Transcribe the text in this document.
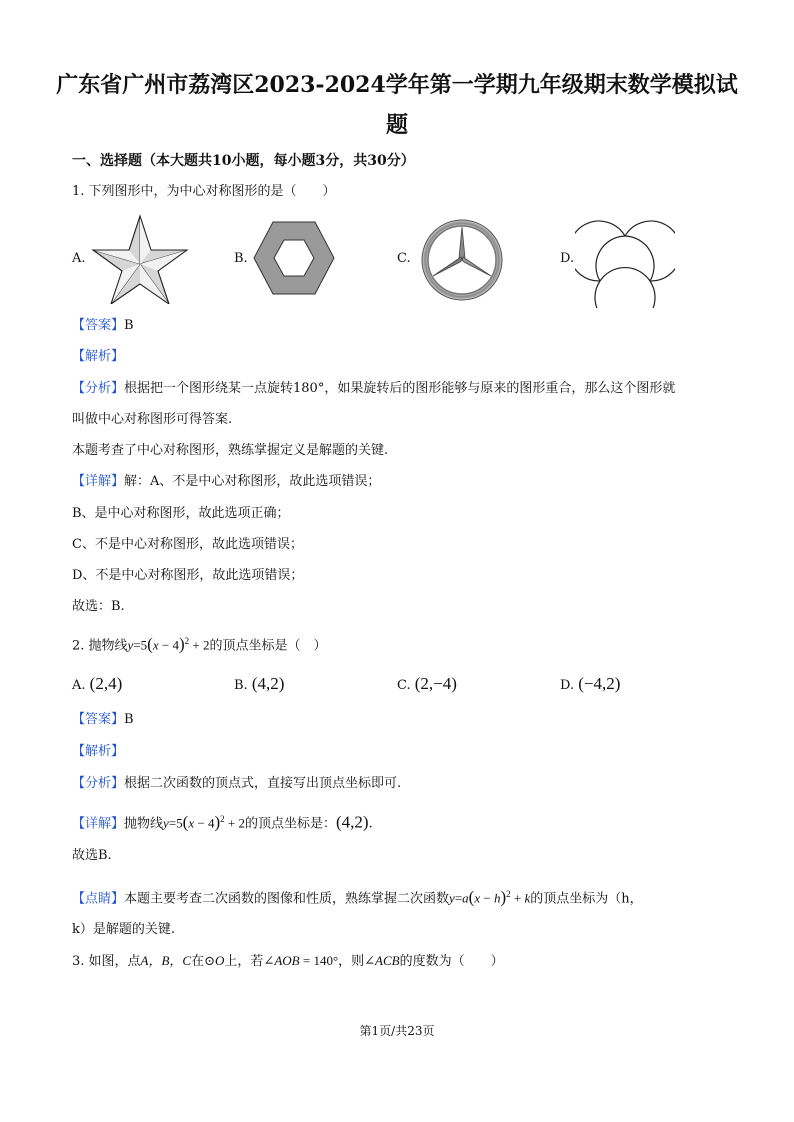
广东省广州市荔湾区2023-2024学年第一学期九年级期末数学模拟试
题
一、选择题（本大题共10小题，每小题3分，共30分）
1. 下列图形中，为中心对称图形的是（　　）
A.	B.	C.	D.
【答案】B
【解析】
【分析】根据把一个图形绕某一点旋转180°，如果旋转后的图形能够与原来的图形重合，那么这个图形就
叫做中心对称图形可得答案.
本题考查了中心对称图形，熟练掌握定义是解题的关键.
【详解】解：A、不是中心对称图形，故此选项错误；
B、是中心对称图形，故此选项正确；
C、不是中心对称图形，故此选项错误；
D、不是中心对称图形，故此选项错误；
故选：B.
2. 抛物线$y=5(x - 4)^2 + 2$的顶点坐标是（　）
A. (2,4)	B. (4,2)	C. (2,−4)	D. (−4,2)
【答案】B
【解析】
【分析】根据二次函数的顶点式，直接写出顶点坐标即可.
【详解】抛物线$y=5(x - 4)^2 + 2$的顶点坐标是：(4,2).
故选B.
【点睛】本题主要考查二次函数的图像和性质，熟练掌握二次函数$y=a(x - h)^2 + k$的顶点坐标为（h，
k）是解题的关键.
3. 如图，点A，B，C在⊙O上，若∠AOB = 140°，则∠ACB的度数为（　　）
第1页/共23页
